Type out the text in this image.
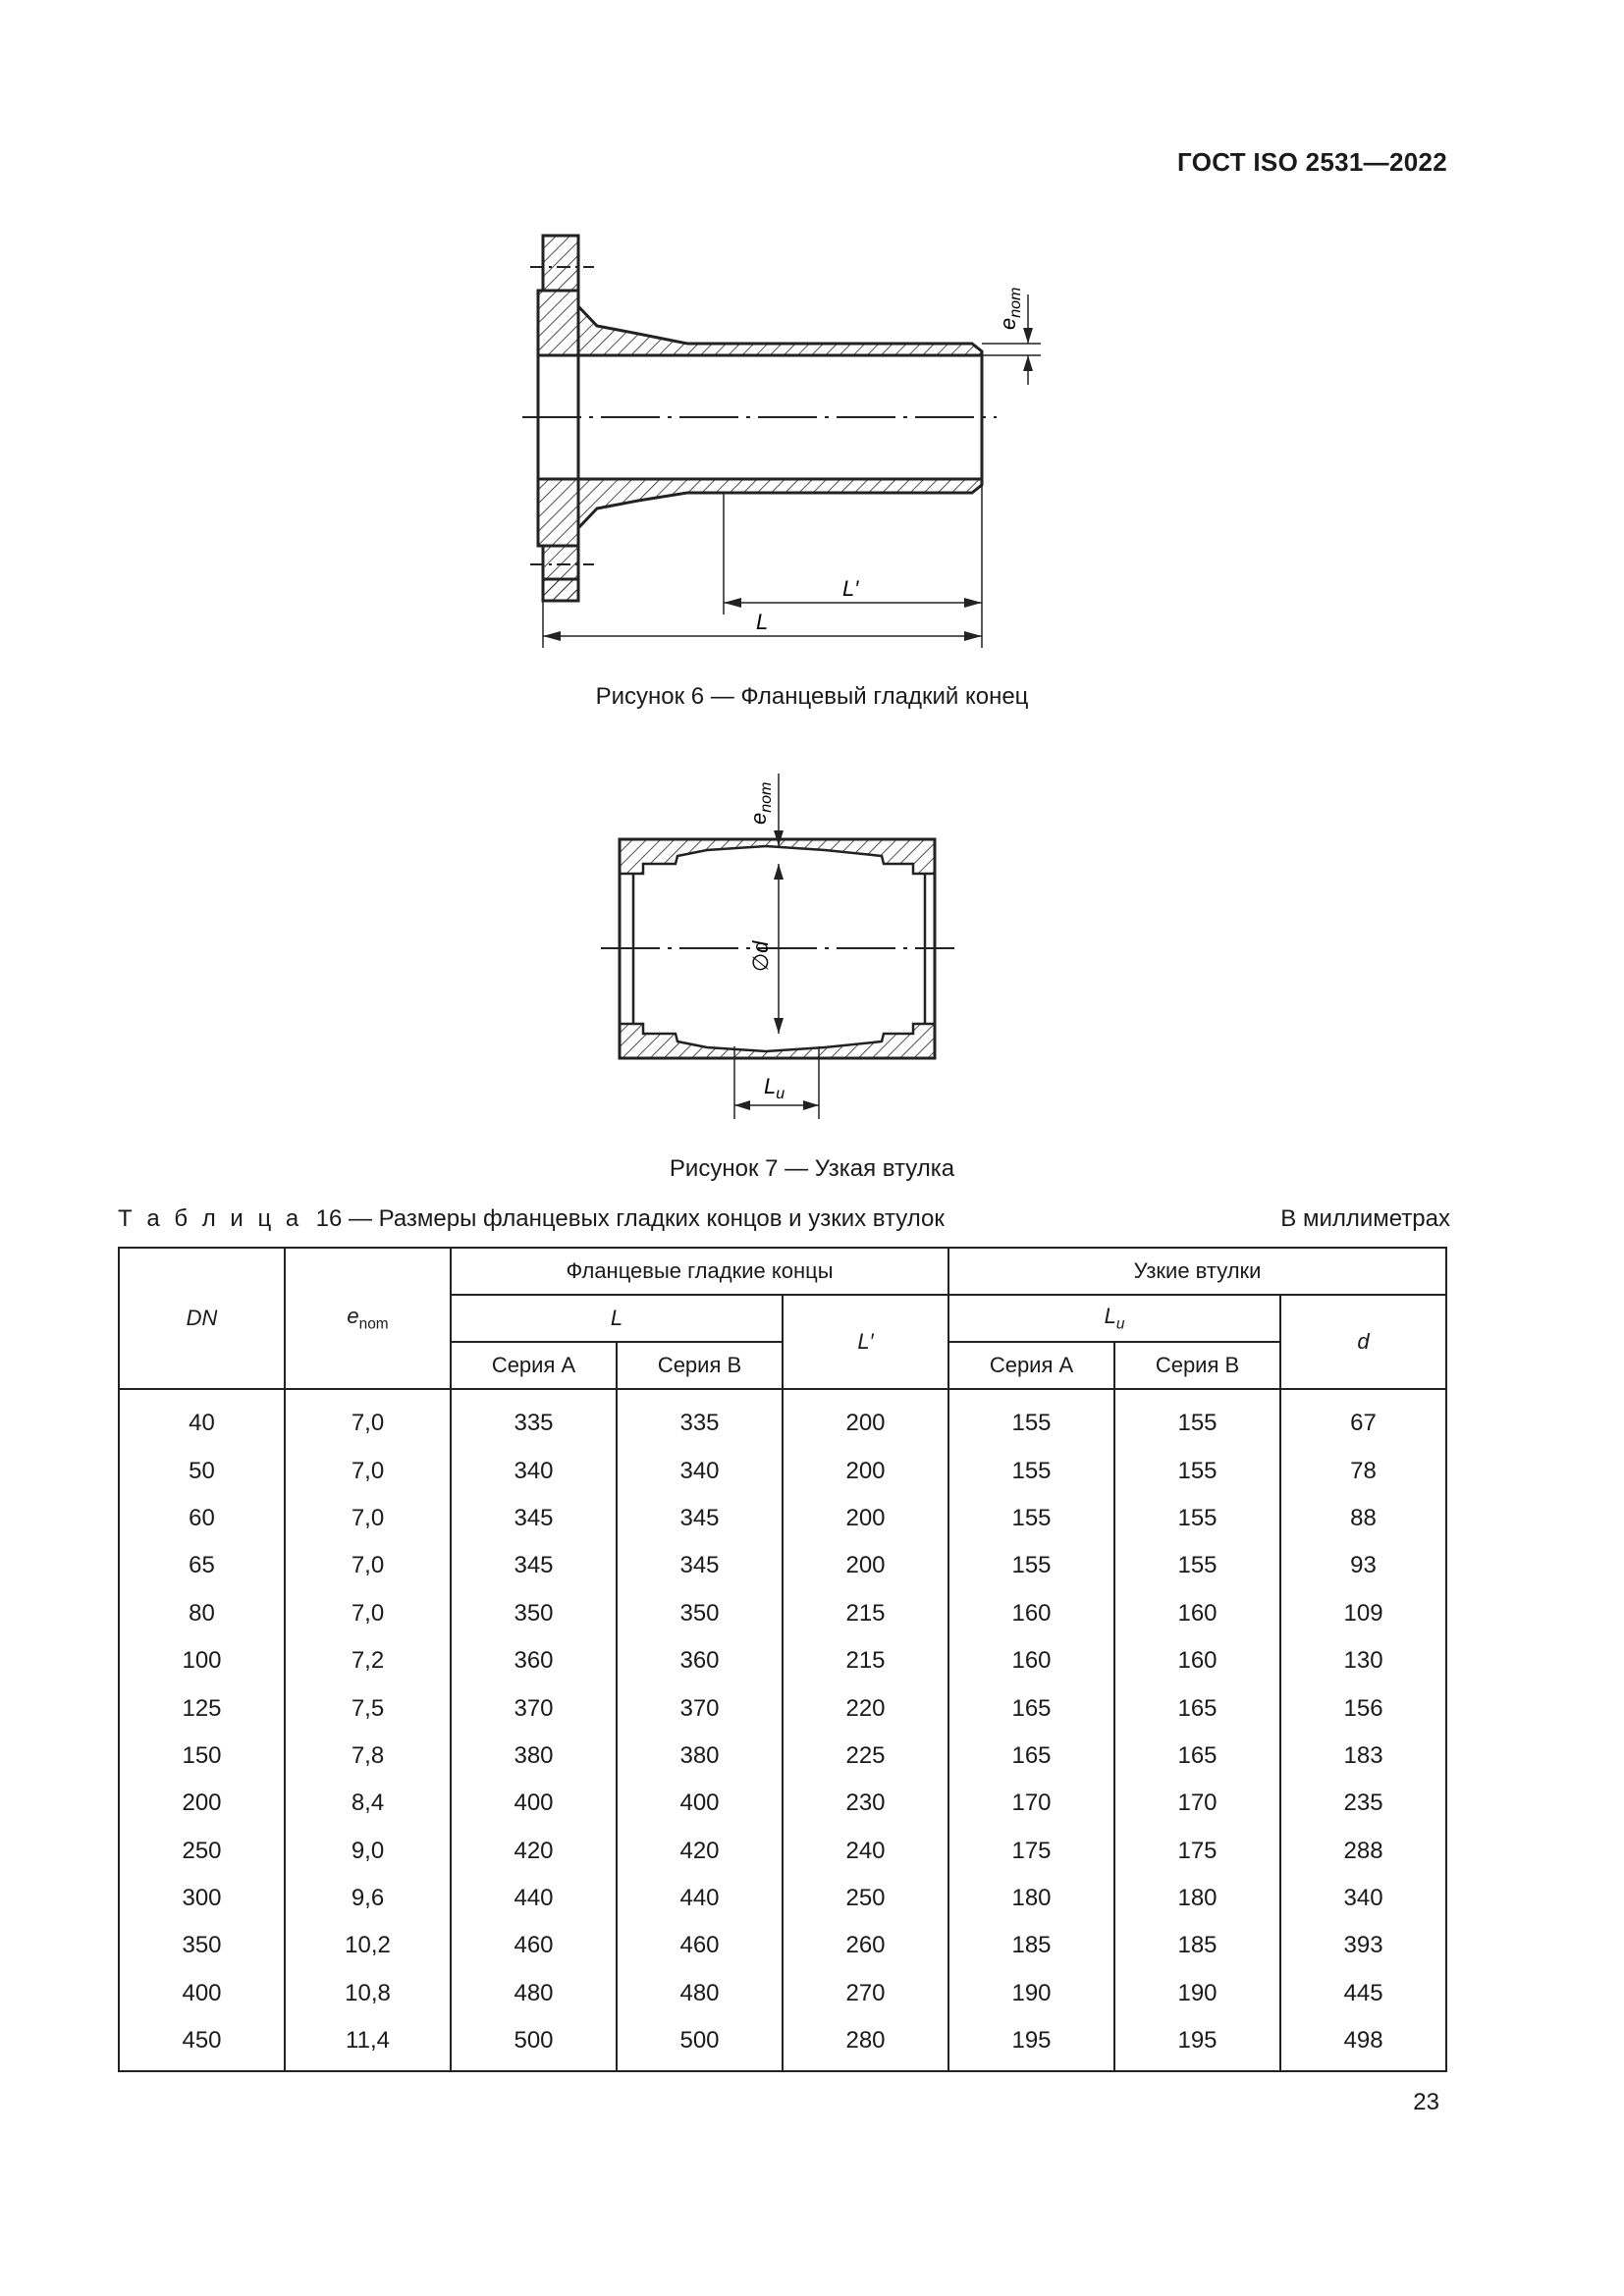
ГОСТ ISO 2531—2022
$e_{nom}$
L′
L
Рисунок 6 — Фланцевый гладкий конец
$e_{nom}$
∅d
$L_u$
Рисунок 7 — Узкая втулка
Т а б л и ц а 16 — Размеры фланцевых гладких концов и узких втулок	В миллиметрах
DN	$e_{nom}$	Фланцевые гладкие концы			Узкие втулки		
		L		L′	$L_u$		d
		Серия А	Серия В		Серия А	Серия В	
40	7,0	335	335	200	155	155	67
50	7,0	340	340	200	155	155	78
60	7,0	345	345	200	155	155	88
65	7,0	345	345	200	155	155	93
80	7,0	350	350	215	160	160	109
100	7,2	360	360	215	160	160	130
125	7,5	370	370	220	165	165	156
150	7,8	380	380	225	165	165	183
200	8,4	400	400	230	170	170	235
250	9,0	420	420	240	175	175	288
300	9,6	440	440	250	180	180	340
350	10,2	460	460	260	185	185	393
400	10,8	480	480	270	190	190	445
450	11,4	500	500	280	195	195	498
23
